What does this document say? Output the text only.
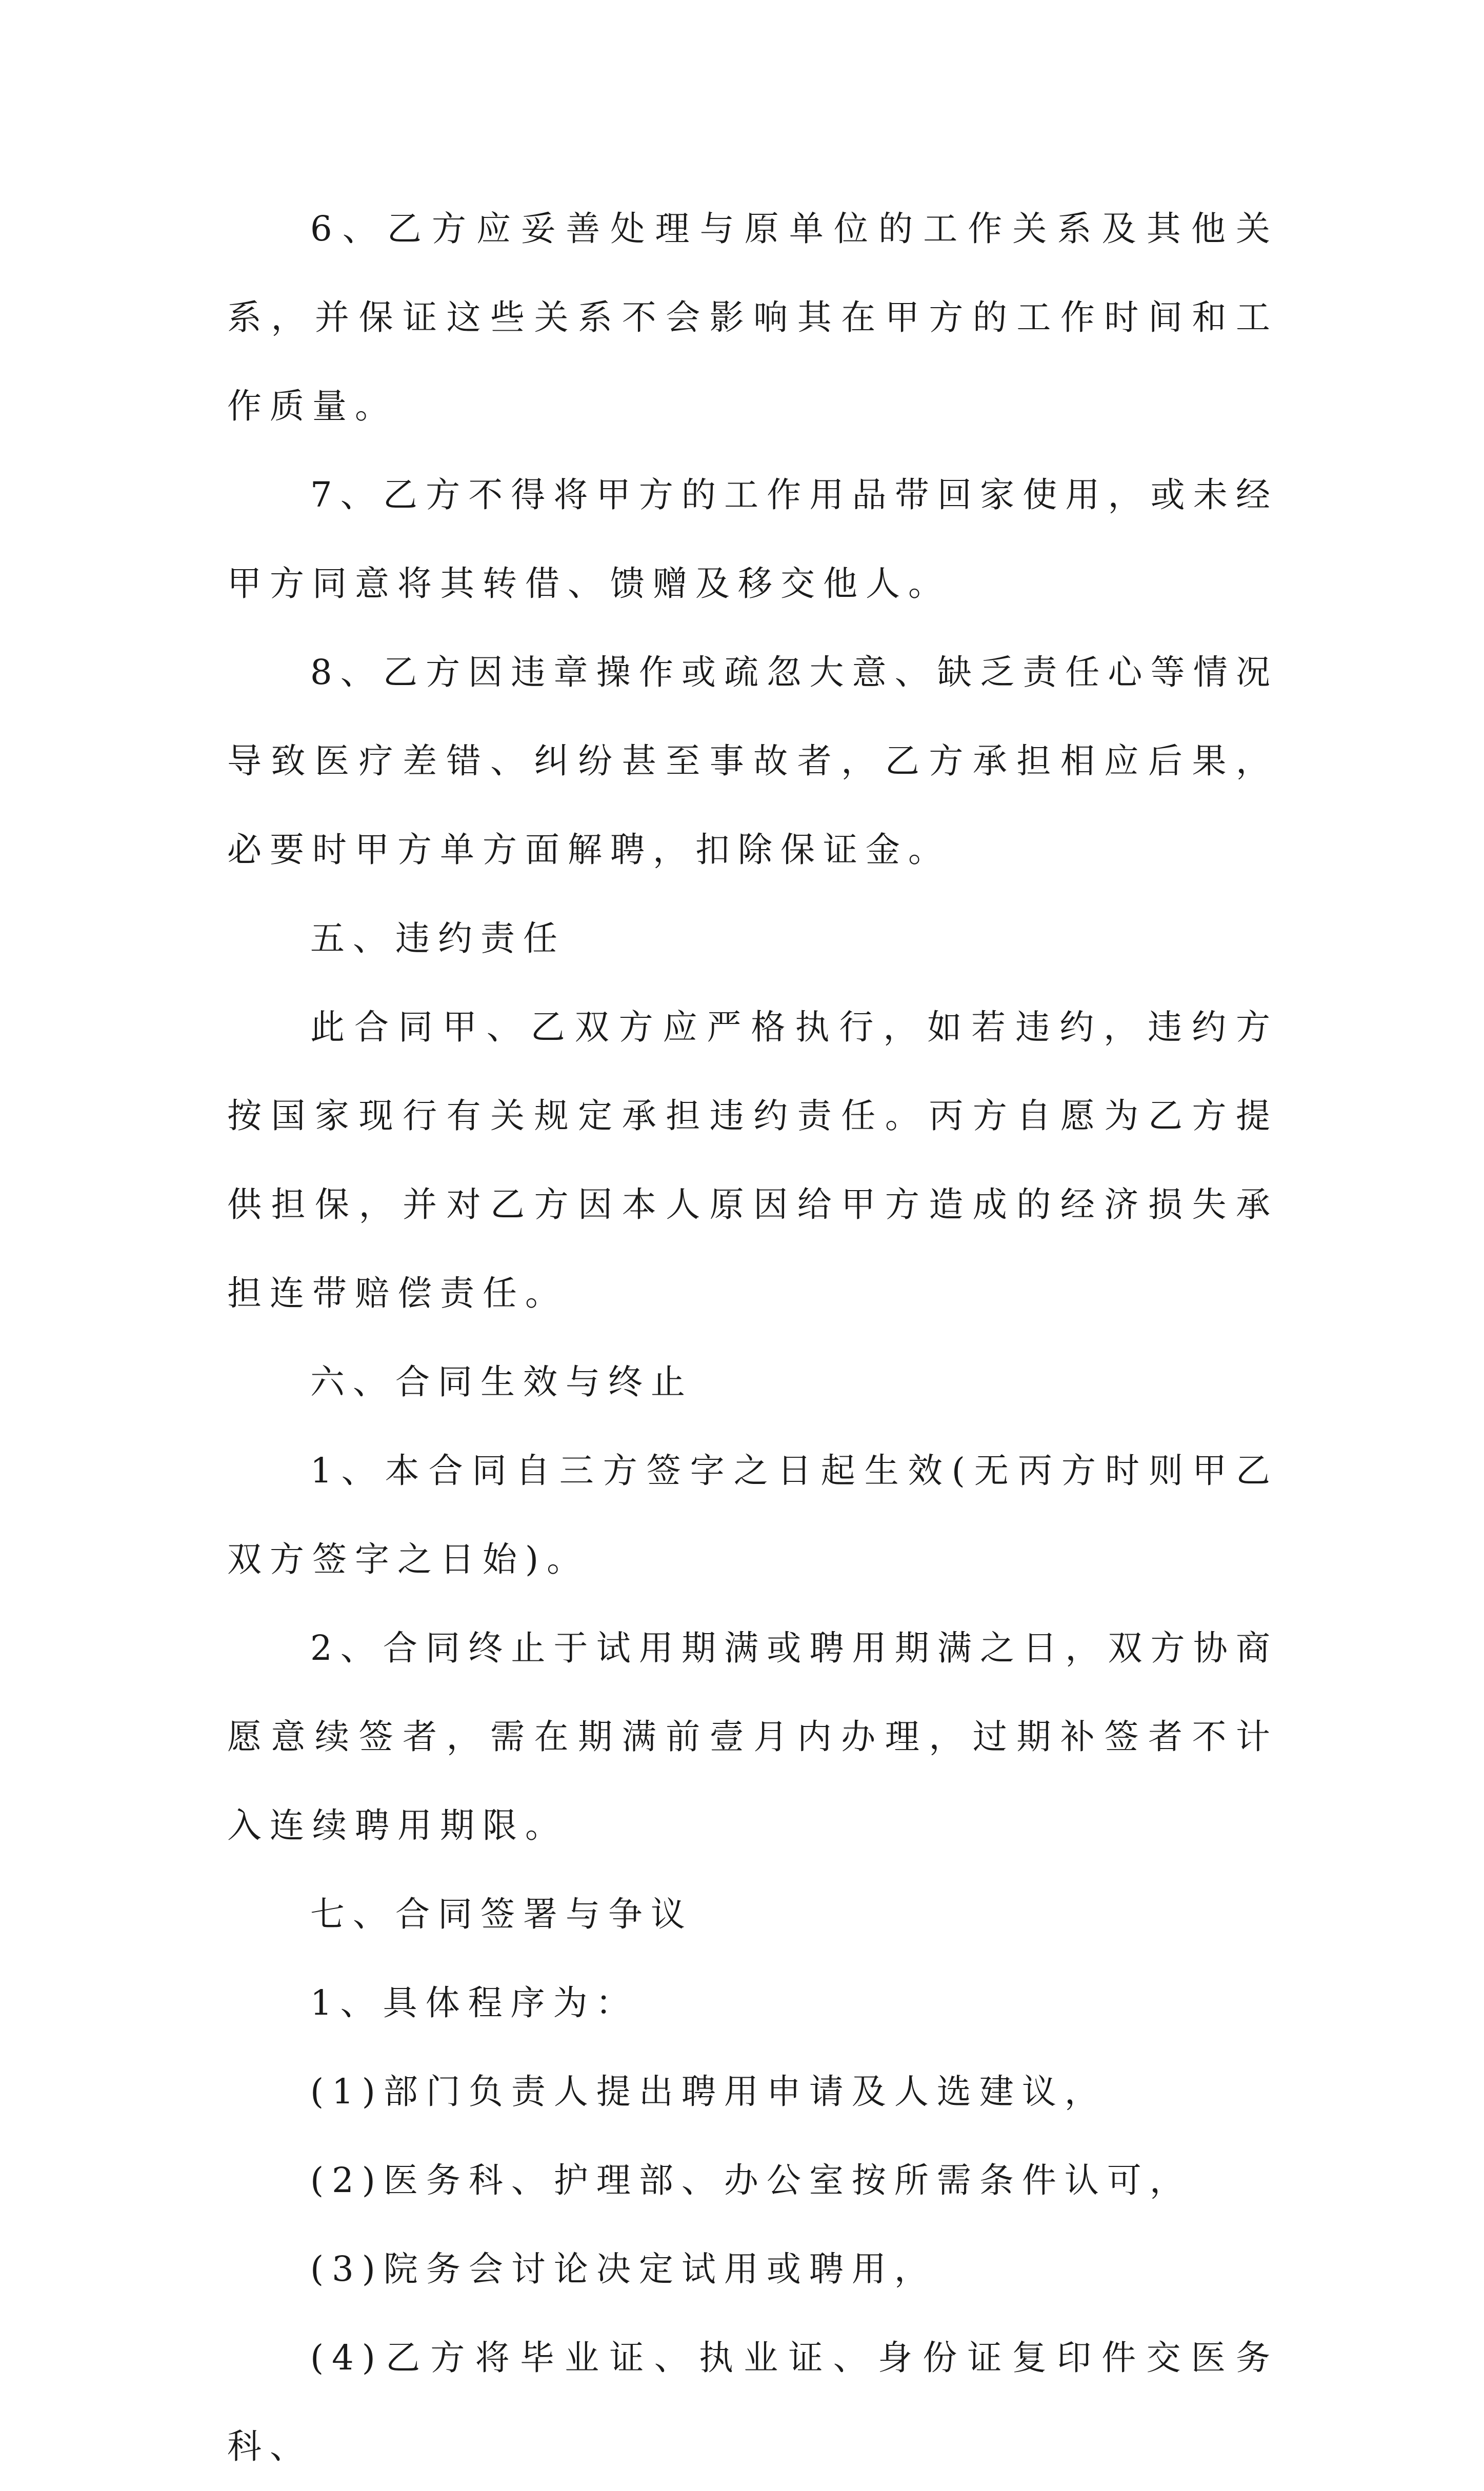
6、乙方应妥善处理与原单位的工作关系及其他关系，并保证这些关系不会影响其在甲方的工作时间和工作质量。

7、乙方不得将甲方的工作用品带回家使用，或未经甲方同意将其转借、馈赠及移交他人。

8、乙方因违章操作或疏忽大意、缺乏责任心等情况导致医疗差错、纠纷甚至事故者，乙方承担相应后果，必要时甲方单方面解聘，扣除保证金。

五、违约责任

此合同甲、乙双方应严格执行，如若违约，违约方按国家现行有关规定承担违约责任。丙方自愿为乙方提供担保，并对乙方因本人原因给甲方造成的经济损失承担连带赔偿责任。

六、合同生效与终止

1、本合同自三方签字之日起生效(无丙方时则甲乙双方签字之日始)。

2、合同终止于试用期满或聘用期满之日，双方协商愿意续签者，需在期满前壹月内办理，过期补签者不计入连续聘用期限。

七、合同签署与争议

1、具体程序为：

(1)部门负责人提出聘用申请及人选建议，

(2)医务科、护理部、办公室按所需条件认可，

(3)院务会讨论决定试用或聘用，

(4)乙方将毕业证、执业证、身份证复印件交医务科、
